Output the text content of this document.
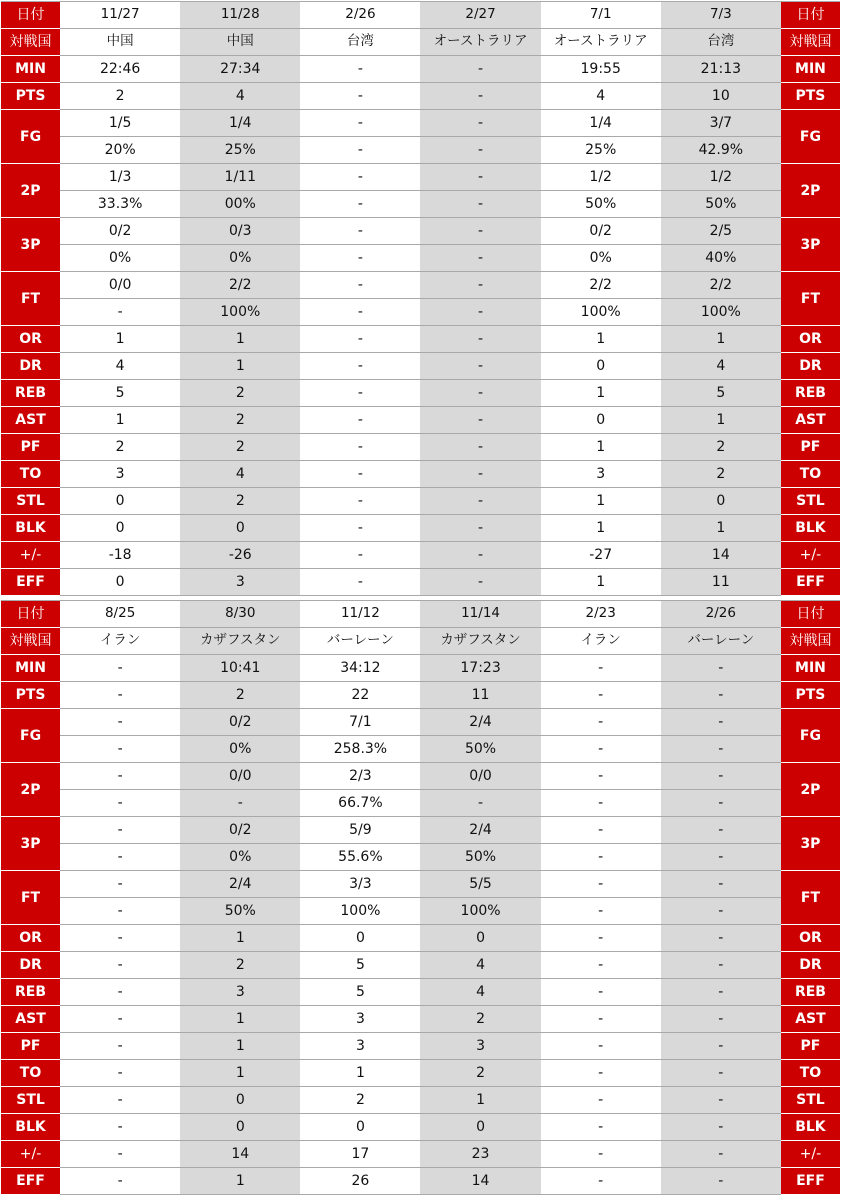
日付	11/27	11/28	2/26	2/27	7/1	7/3	日付
対戦国	中国	中国	台湾	オーストラリア	オーストラリア	台湾	対戦国
MIN	22:46	27:34	-	-	19:55	21:13	MIN
PTS	2	4	-	-	4	10	PTS
FG	1/5	1/4	-	-	1/4	3/7	FG
	20%	25%	-	-	25%	42.9%	
2P	1/3	1/11	-	-	1/2	1/2	2P
	33.3%	00%	-	-	50%	50%	
3P	0/2	0/3	-	-	0/2	2/5	3P
	0%	0%	-	-	0%	40%	
FT	0/0	2/2	-	-	2/2	2/2	FT
	-	100%	-	-	100%	100%	
OR	1	1	-	-	1	1	OR
DR	4	1	-	-	0	4	DR
REB	5	2	-	-	1	5	REB
AST	1	2	-	-	0	1	AST
PF	2	2	-	-	1	2	PF
TO	3	4	-	-	3	2	TO
STL	0	2	-	-	1	0	STL
BLK	0	0	-	-	1	1	BLK
+/-	-18	-26	-	-	-27	14	+/-
EFF	0	3	-	-	1	11	EFF
日付	8/25	8/30	11/12	11/14	2/23	2/26	日付
対戦国	イラン	カザフスタン	バーレーン	カザフスタン	イラン	バーレーン	対戦国
MIN	-	10:41	34:12	17:23	-	-	MIN
PTS	-	2	22	11	-	-	PTS
FG	-	0/2	7/1	2/4	-	-	FG
	-	0%	258.3%	50%	-	-	
2P	-	0/0	2/3	0/0	-	-	2P
	-	-	66.7%	-	-	-	
3P	-	0/2	5/9	2/4	-	-	3P
	-	0%	55.6%	50%	-	-	
FT	-	2/4	3/3	5/5	-	-	FT
	-	50%	100%	100%	-	-	
OR	-	1	0	0	-	-	OR
DR	-	2	5	4	-	-	DR
REB	-	3	5	4	-	-	REB
AST	-	1	3	2	-	-	AST
PF	-	1	3	3	-	-	PF
TO	-	1	1	2	-	-	TO
STL	-	0	2	1	-	-	STL
BLK	-	0	0	0	-	-	BLK
+/-	-	14	17	23	-	-	+/-
EFF	-	1	26	14	-	-	EFF
